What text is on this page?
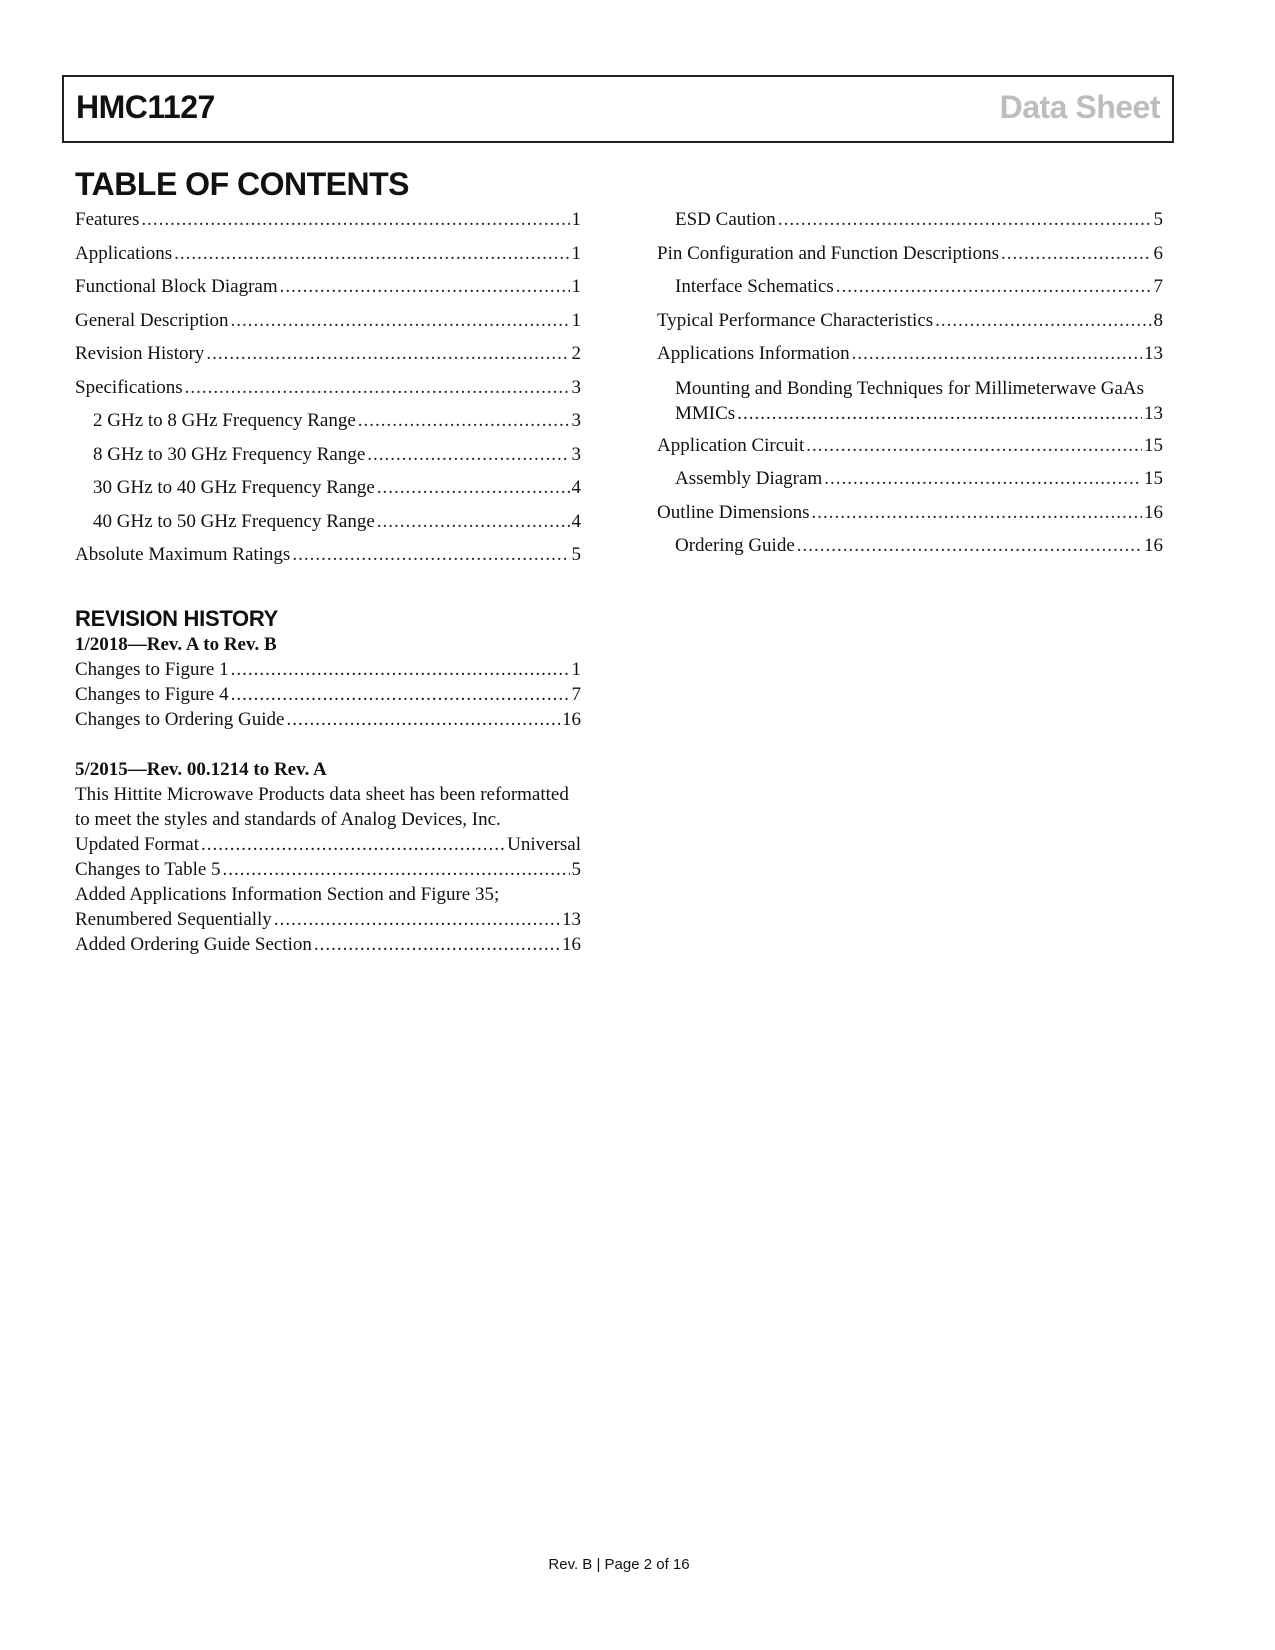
HMC1127	Data Sheet
TABLE OF CONTENTS
Features .....	1
Applications .....	1
Functional Block Diagram .....	1
General Description .....	1
Revision History .....	2
Specifications .....	3
2 GHz to 8 GHz Frequency Range .....	3
8 GHz to 30 GHz Frequency Range .....	3
30 GHz to 40 GHz Frequency Range .....	4
40 GHz to 50 GHz Frequency Range .....	4
Absolute Maximum Ratings .....	5
ESD Caution .....	5
Pin Configuration and Function Descriptions .....	6
Interface Schematics .....	7
Typical Performance Characteristics .....	8
Applications Information .....	13
Mounting and Bonding Techniques for Millimeterwave GaAs
MMICs .....	13
Application Circuit .....	15
Assembly Diagram .....	15
Outline Dimensions .....	16
Ordering Guide .....	16
REVISION HISTORY
1/2018—Rev. A to Rev. B
Changes to Figure 1 .....	1
Changes to Figure 4 .....	7
Changes to Ordering Guide .....	16
5/2015—Rev. 00.1214 to Rev. A
This Hittite Microwave Products data sheet has been reformatted
to meet the styles and standards of Analog Devices, Inc.
Updated Format .....	Universal
Changes to Table 5 .....	5
Added Applications Information Section and Figure 35;
Renumbered Sequentially .....	13
Added Ordering Guide Section .....	16
Rev. B | Page 2 of 16
